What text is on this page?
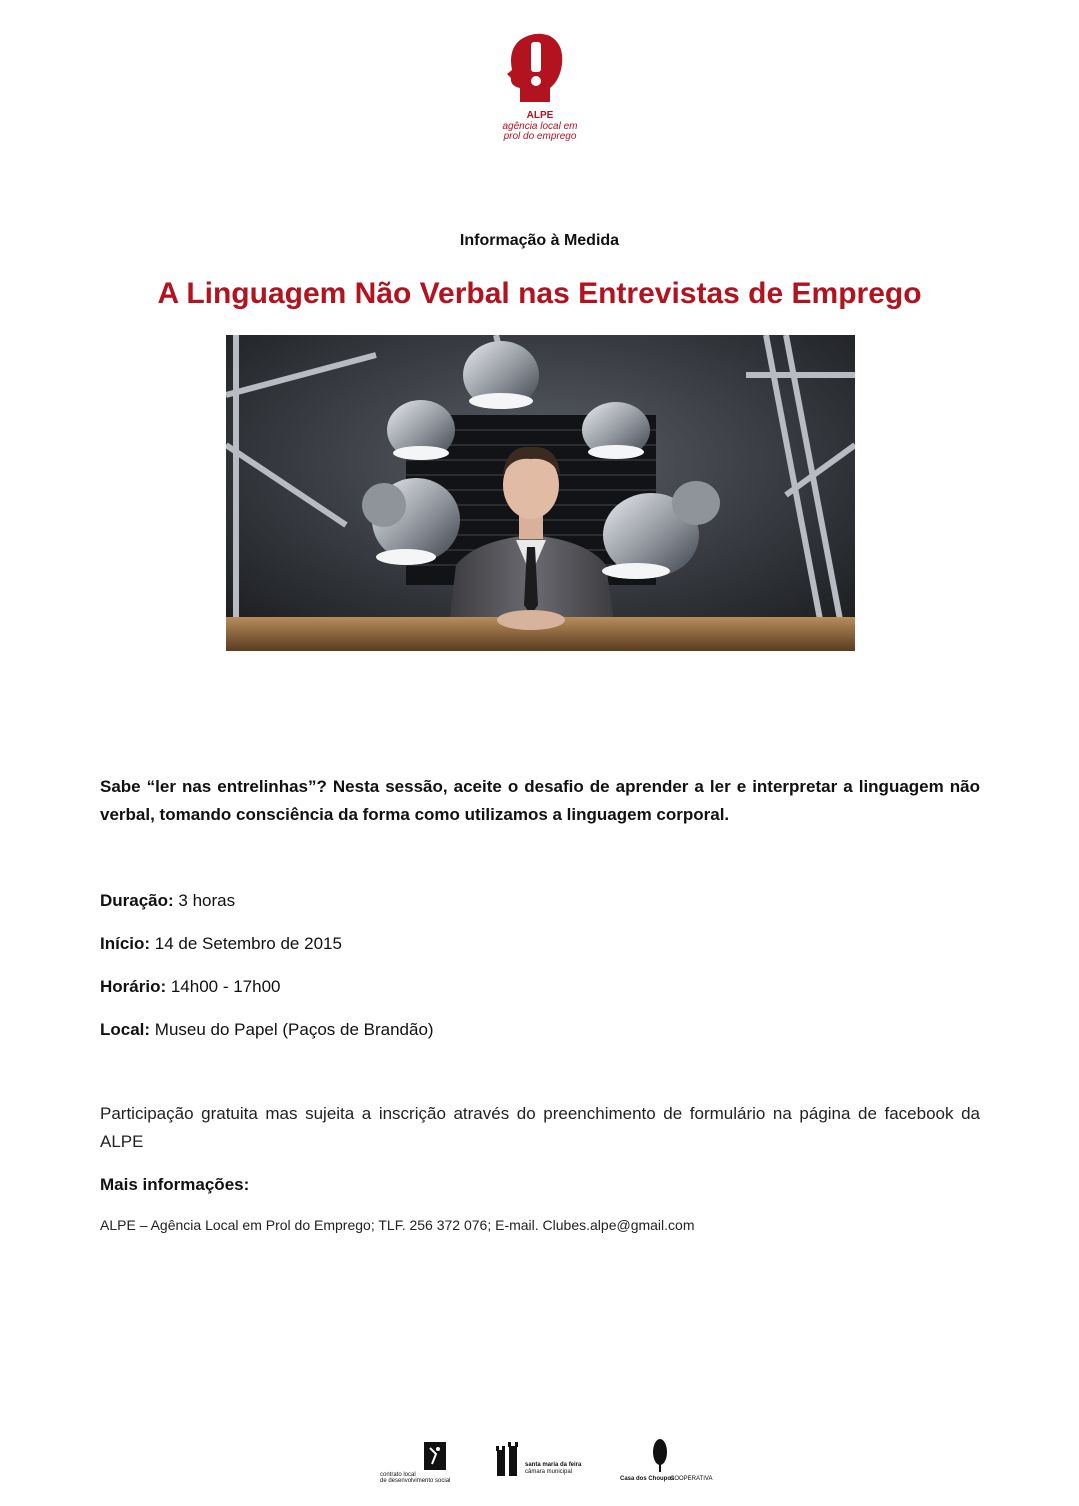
ALPE
agência local em
prol do emprego
Informação à Medida
A Linguagem Não Verbal nas Entrevistas de Emprego
Sabe “ler nas entrelinhas”? Nesta sessão, aceite o desafio de aprender a ler e interpretar a linguagem não verbal, tomando consciência da forma como utilizamos a linguagem corporal.
Duração: 3 horas
Início: 14 de Setembro de 2015
Horário: 14h00 - 17h00
Local: Museu do Papel (Paços de Brandão)
Participação gratuita mas sujeita a inscrição através do preenchimento de formulário na página de facebook da ALPE
Mais informações:
ALPE – Agência Local em Prol do Emprego; TLF. 256 372 076; E-mail. Clubes.alpe@gmail.com
contrato local
de desenvolvimento social
santa maria da feira
câmara municipal
Casa dos Choupos
COOPERATIVA
